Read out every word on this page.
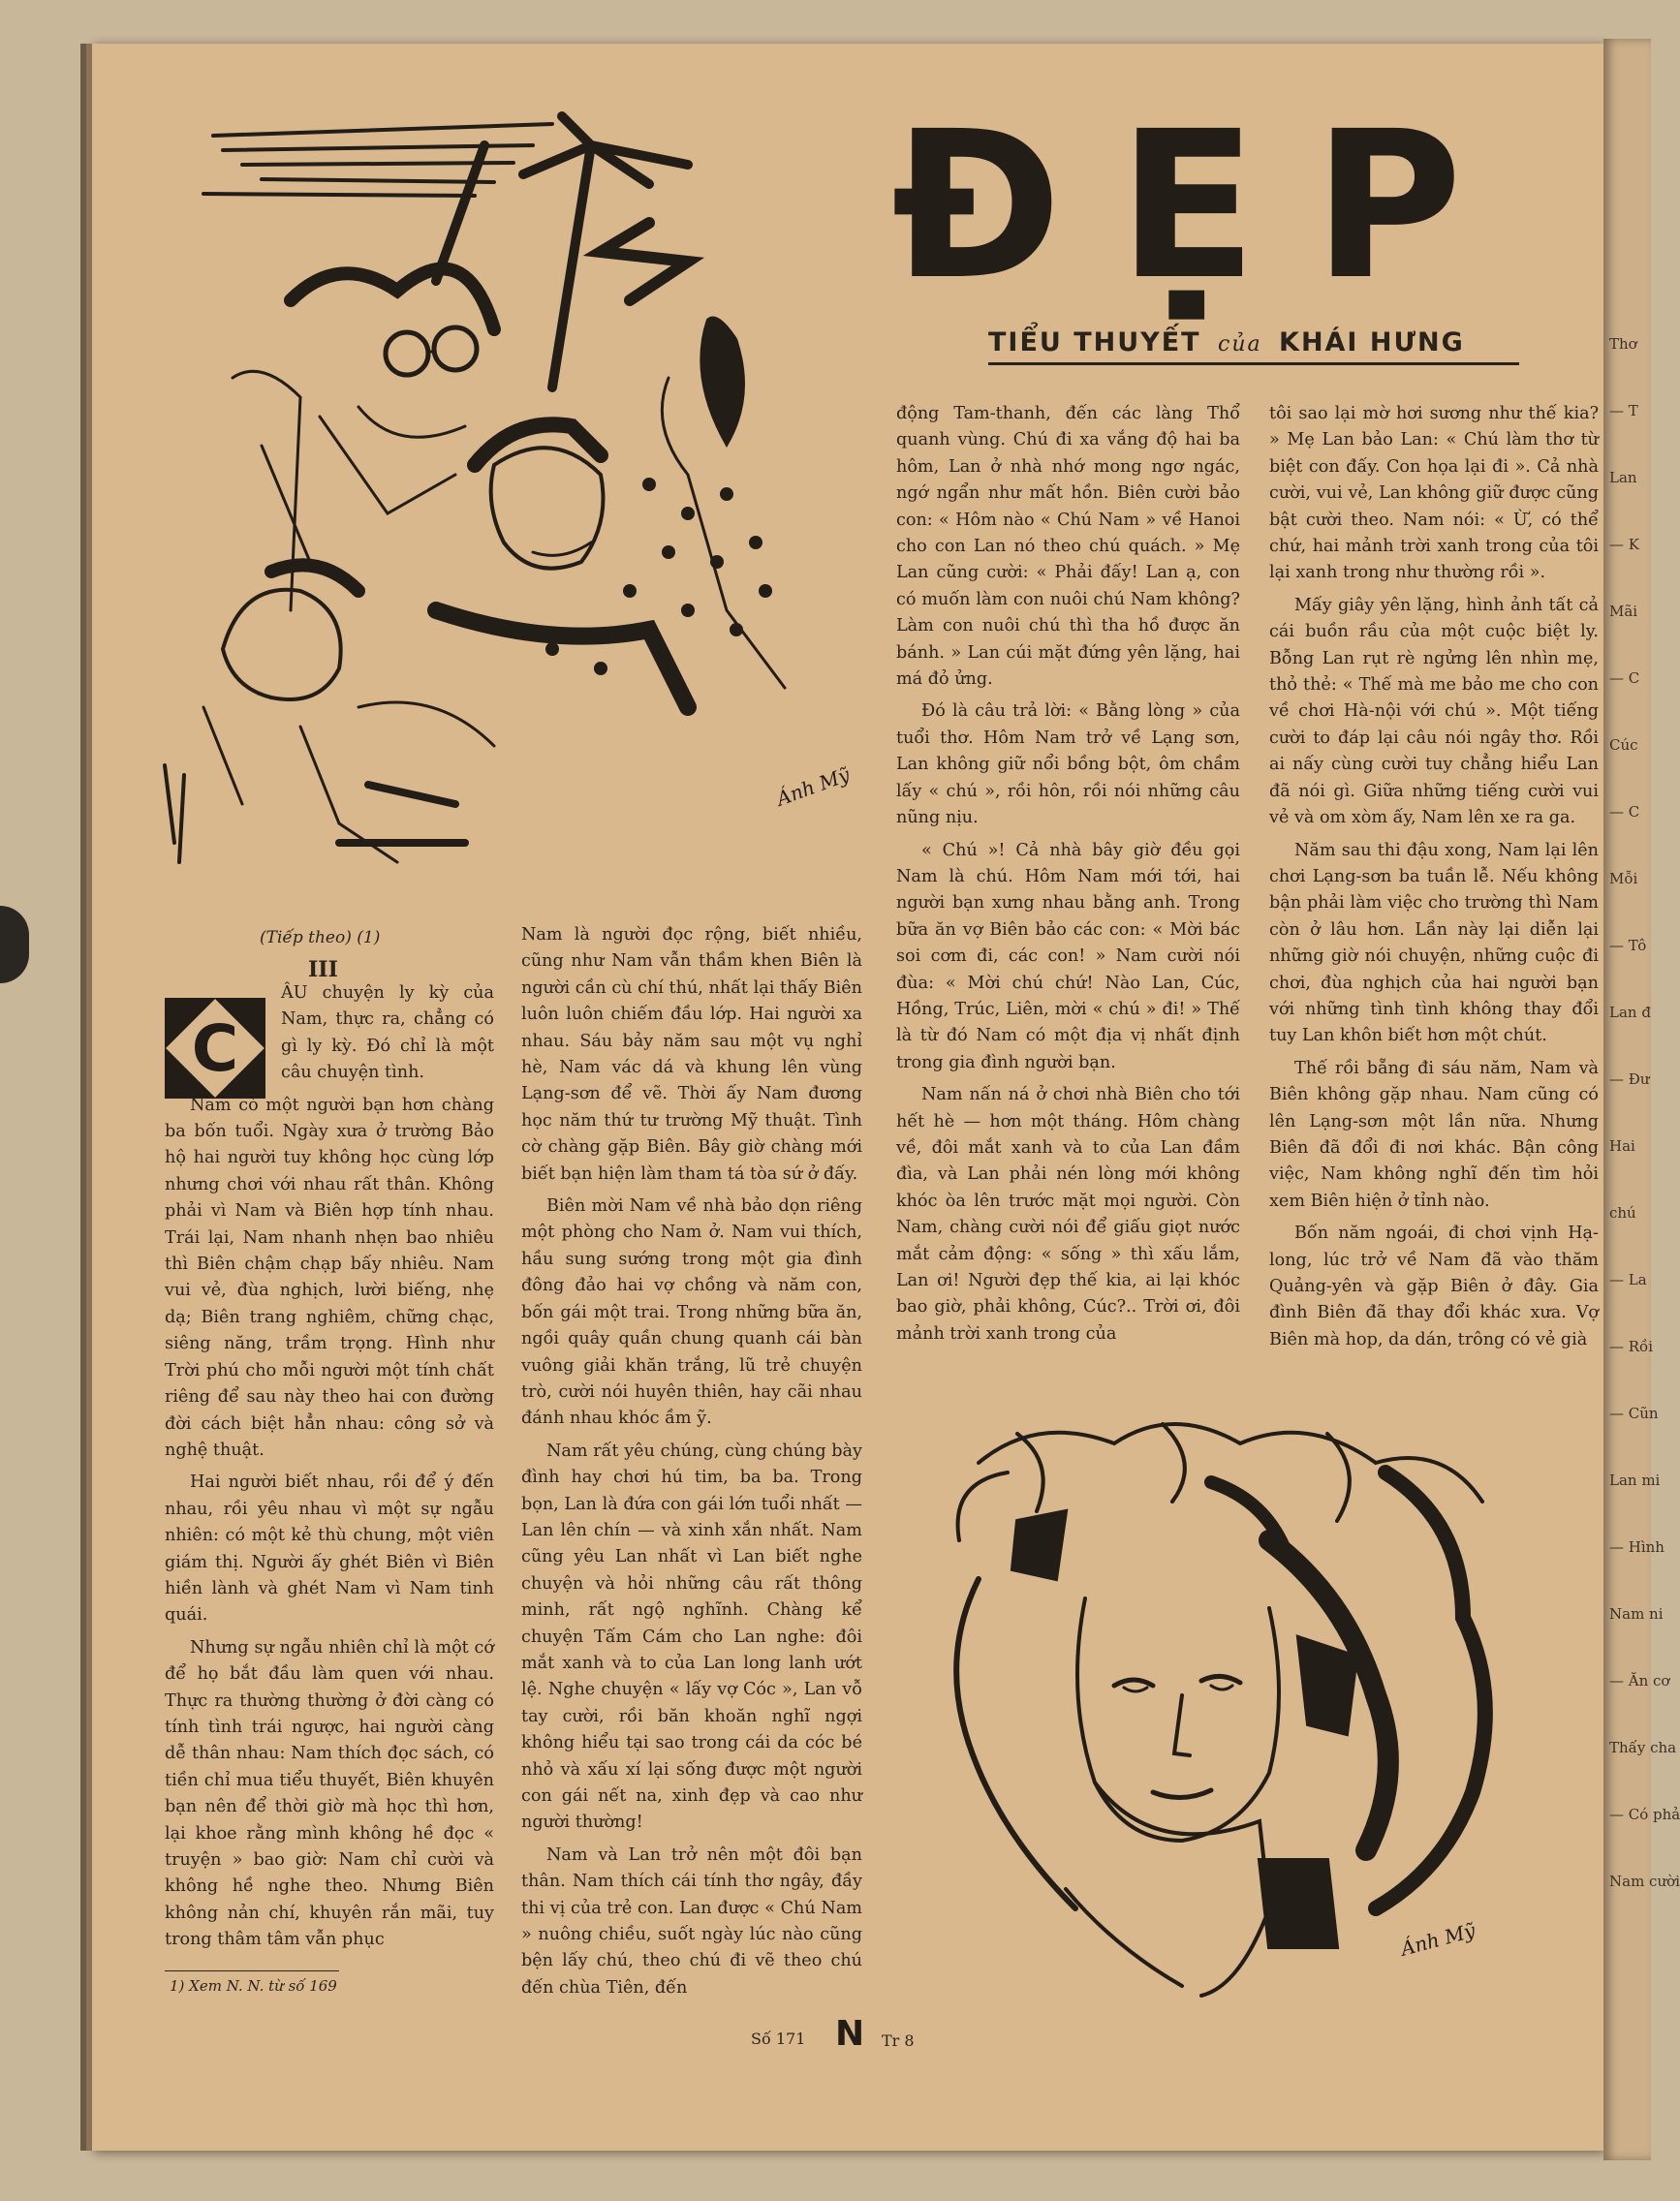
Thơ
— T
Lan
— K
Mãi
— C
Cúc
— C
Mỗi
— Tô
Lan đ
— Đư
Hai
chú
— La
— Rồi
— Cũn
Lan mi
— Hình
Nam ni
— Ăn cơ
Thấy cha
— Có phả
Nam cười
Ánh Mỹ
ĐẸP
TIỂU THUYẾT của KHÁI HƯNG
(Tiếp theo) (1)
III
C

ÂU chuyện ly kỳ của Nam, thực ra, chẳng có gì ly kỳ. Đó chỉ là một câu chuyện tình.

Nam có một người bạn hơn chàng ba bốn tuổi. Ngày xưa ở trường Bảo hộ hai người tuy không học cùng lớp nhưng chơi với nhau rất thân. Không phải vì Nam và Biên hợp tính nhau. Trái lại, Nam nhanh nhẹn bao nhiêu thì Biên chậm chạp bấy nhiêu. Nam vui vẻ, đùa nghịch, lười biếng, nhẹ dạ; Biên trang nghiêm, chững chạc, siêng năng, trầm trọng. Hình như Trời phú cho mỗi người một tính chất riêng để sau này theo hai con đường đời cách biệt hẳn nhau: công sở và nghệ thuật.

Hai người biết nhau, rồi để ý đến nhau, rồi yêu nhau vì một sự ngẫu nhiên: có một kẻ thù chung, một viên giám thị. Người ấy ghét Biên vì Biên hiền lành và ghét Nam vì Nam tinh quái.

Nhưng sự ngẫu nhiên chỉ là một cớ để họ bắt đầu làm quen với nhau. Thực ra thường thường ở đời càng có tính tình trái ngược, hai người càng dễ thân nhau: Nam thích đọc sách, có tiền chỉ mua tiểu thuyết, Biên khuyên bạn nên để thời giờ mà học thì hơn, lại khoe rằng mình không hề đọc « truyện » bao giờ: Nam chỉ cười và không hề nghe theo. Nhưng Biên không nản chí, khuyên rắn mãi, tuy trong thâm tâm vẫn phục

Nam là người đọc rộng, biết nhiều, cũng như Nam vẫn thầm khen Biên là người cần cù chí thú, nhất lại thấy Biên luôn luôn chiếm đầu lớp. Hai người xa nhau. Sáu bảy năm sau một vụ nghỉ hè, Nam vác dá và khung lên vùng Lạng-sơn để vẽ. Thời ấy Nam đương học năm thứ tư trường Mỹ thuật. Tình cờ chàng gặp Biên. Bây giờ chàng mới biết bạn hiện làm tham tá tòa sứ ở đấy.

Biên mời Nam về nhà bảo dọn riêng một phòng cho Nam ở. Nam vui thích, hầu sung sướng trong một gia đình đông đảo hai vợ chồng và năm con, bốn gái một trai. Trong những bữa ăn, ngồi quây quần chung quanh cái bàn vuông giải khăn trắng, lũ trẻ chuyện trò, cười nói huyên thiên, hay cãi nhau đánh nhau khóc ầm ỹ.

Nam rất yêu chúng, cùng chúng bày đình hay chơi hú tim, ba ba. Trong bọn, Lan là đứa con gái lớn tuổi nhất — Lan lên chín — và xinh xắn nhất. Nam cũng yêu Lan nhất vì Lan biết nghe chuyện và hỏi những câu rất thông minh, rất ngộ nghĩnh. Chàng kể chuyện Tấm Cám cho Lan nghe: đôi mắt xanh và to của Lan long lanh ướt lệ. Nghe chuyện « lấy vợ Cóc », Lan vỗ tay cười, rồi băn khoăn nghĩ ngợi không hiểu tại sao trong cái da cóc bé nhỏ và xấu xí lại sống được một người con gái nết na, xinh đẹp và cao như người thường!

Nam và Lan trở nên một đôi bạn thân. Nam thích cái tính thơ ngây, đầy thi vị của trẻ con. Lan được « Chú Nam » nuông chiều, suốt ngày lúc nào cũng bện lấy chú, theo chú đi vẽ theo chú đến chùa Tiên, đến

động Tam-thanh, đến các làng Thổ quanh vùng. Chú đi xa vắng độ hai ba hôm, Lan ở nhà nhớ mong ngơ ngác, ngớ ngẩn như mất hồn. Biên cười bảo con: « Hôm nào « Chú Nam » về Hanoi cho con Lan nó theo chú quách. » Mẹ Lan cũng cười: « Phải đấy! Lan ạ, con có muốn làm con nuôi chú Nam không? Làm con nuôi chú thì tha hồ được ăn bánh. » Lan cúi mặt đứng yên lặng, hai má đỏ ửng.

Đó là câu trả lời: « Bằng lòng » của tuổi thơ. Hôm Nam trở về Lạng sơn, Lan không giữ nổi bồng bột, ôm chầm lấy « chú », rồi hôn, rồi nói những câu nũng nịu.

« Chú »! Cả nhà bây giờ đều gọi Nam là chú. Hôm Nam mới tới, hai người bạn xưng nhau bằng anh. Trong bữa ăn vợ Biên bảo các con: « Mời bác soi cơm đi, các con! » Nam cười nói đùa: « Mời chú chứ! Nào Lan, Cúc, Hồng, Trúc, Liên, mời « chú » đi! » Thế là từ đó Nam có một địa vị nhất định trong gia đình người bạn.

Nam nấn ná ở chơi nhà Biên cho tới hết hè — hơn một tháng. Hôm chàng về, đôi mắt xanh và to của Lan đầm đìa, và Lan phải nén lòng mới không khóc òa lên trước mặt mọi người. Còn Nam, chàng cười nói để giấu giọt nước mắt cảm động: « sống » thì xấu lắm, Lan ơi! Người đẹp thế kia, ai lại khóc bao giờ, phải không, Cúc?.. Trời ơi, đôi mảnh trời xanh trong của

tôi sao lại mờ hơi sương như thế kia? » Mẹ Lan bảo Lan: « Chú làm thơ từ biệt con đấy. Con họa lại đi ». Cả nhà cười, vui vẻ, Lan không giữ được cũng bật cười theo. Nam nói: « Ừ, có thể chứ, hai mảnh trời xanh trong của tôi lại xanh trong như thường rồi ».

Mấy giây yên lặng, hình ảnh tất cả cái buồn rầu của một cuộc biệt ly. Bỗng Lan rụt rè ngửng lên nhìn mẹ, thỏ thẻ: « Thế mà me bảo me cho con về chơi Hà-nội với chú ». Một tiếng cười to đáp lại câu nói ngây thơ. Rồi ai nấy cùng cười tuy chẳng hiểu Lan đã nói gì. Giữa những tiếng cười vui vẻ và om xòm ấy, Nam lên xe ra ga.

Năm sau thi đậu xong, Nam lại lên chơi Lạng-sơn ba tuần lễ. Nếu không bận phải làm việc cho trường thì Nam còn ở lâu hơn. Lần này lại diễn lại những giờ nói chuyện, những cuộc đi chơi, đùa nghịch của hai người bạn với những tình tình không thay đổi tuy Lan khôn biết hơn một chút.

Thế rồi bẵng đi sáu năm, Nam và Biên không gặp nhau. Nam cũng có lên Lạng-sơn một lần nữa. Nhưng Biên đã đổi đi nơi khác. Bận công việc, Nam không nghĩ đến tìm hỏi xem Biên hiện ở tỉnh nào.

Bốn năm ngoái, đi chơi vịnh Hạ-long, lúc trở về Nam đã vào thăm Quảng-yên và gặp Biên ở đây. Gia đình Biên đã thay đổi khác xưa. Vợ Biên mà hop, da dán, trông có vẻ già

Ánh Mỹ
1) Xem N. N. từ số 169
Số 171 N	Tr 8
